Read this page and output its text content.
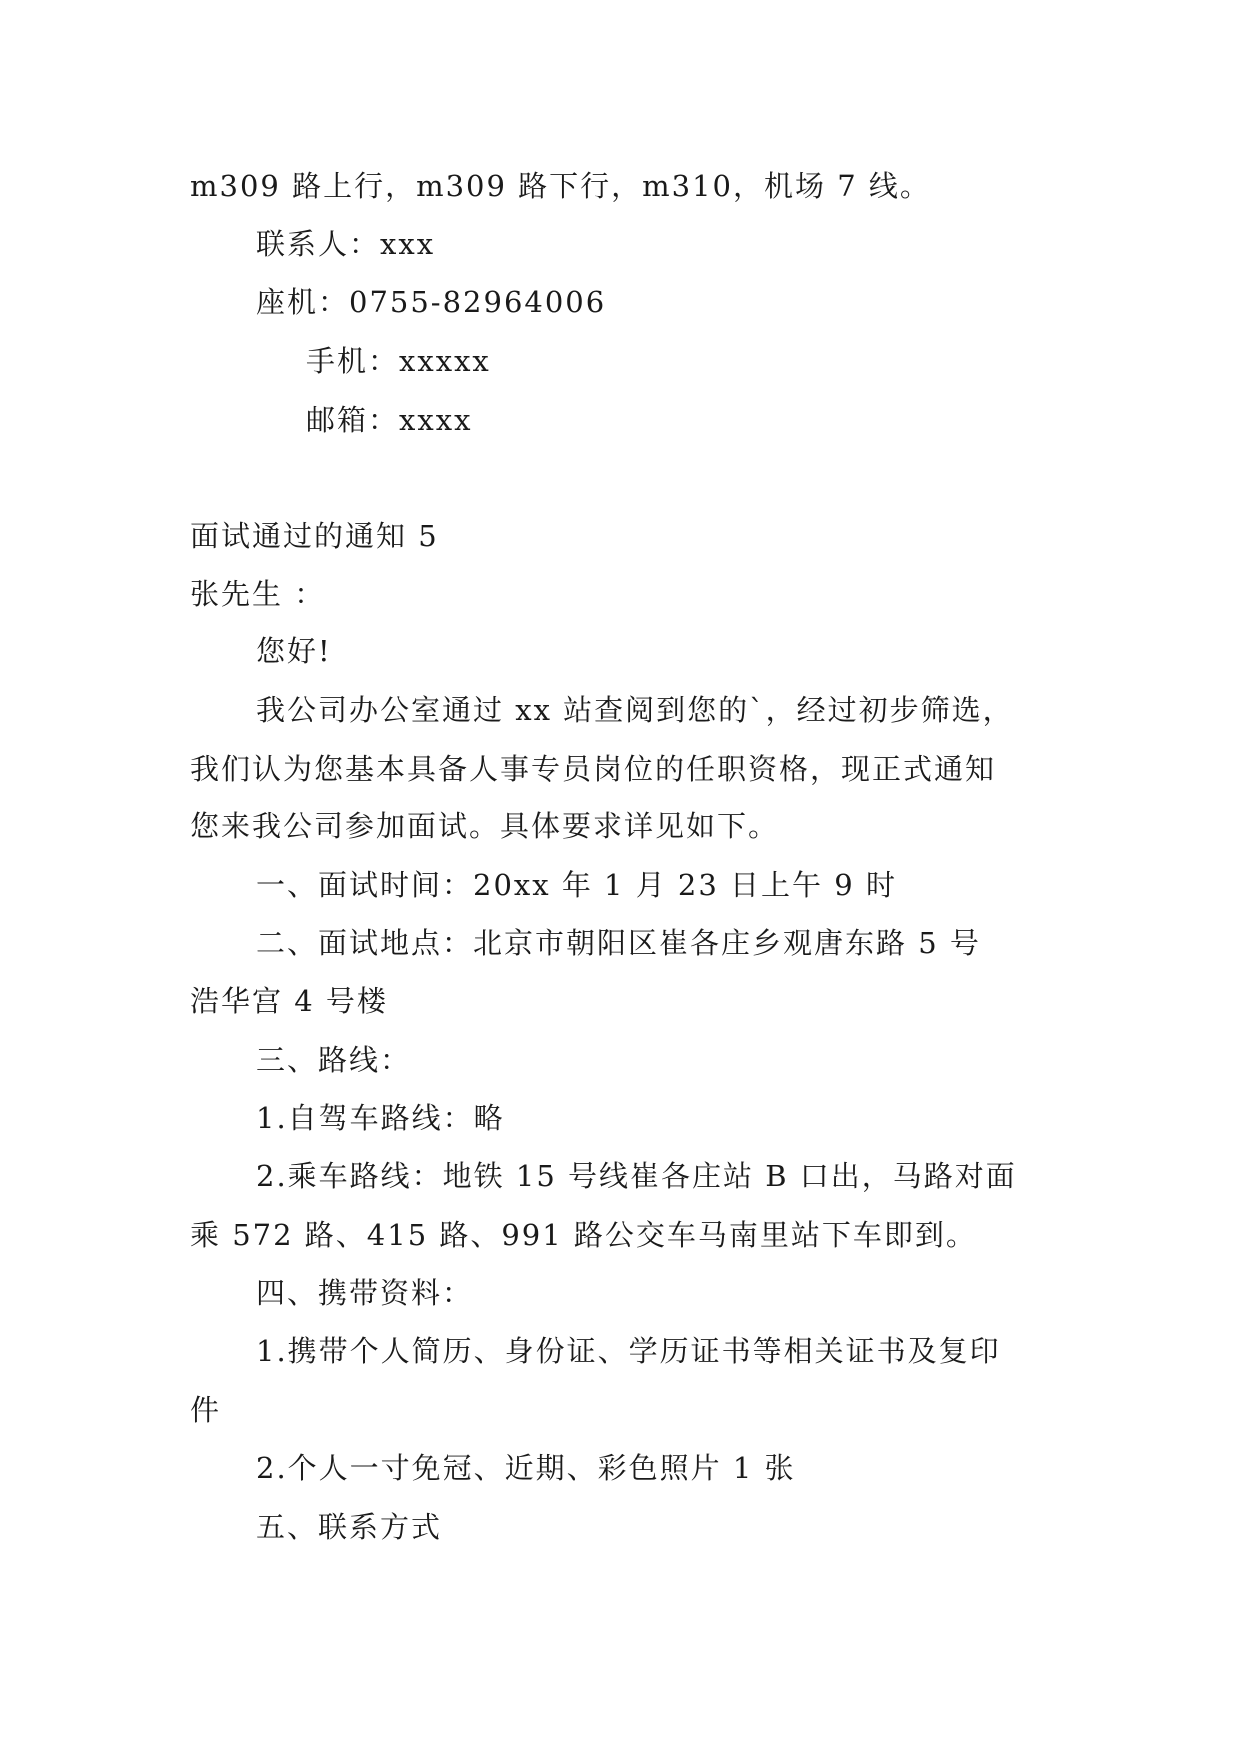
m309 路上行，m309 路下行，m310，机场 7 线。
联系人：xxx
座机：0755-82964006
手机：xxxxx
邮箱：xxxx
面试通过的通知 5
张先生 ：
您好!
我公司办公室通过 xx 站查阅到您的`，经过初步筛选，
我们认为您基本具备人事专员岗位的任职资格，现正式通知
您来我公司参加面试。具体要求详见如下。
一、面试时间：20xx 年 1 月 23 日上午 9 时
二、面试地点：北京市朝阳区崔各庄乡观唐东路 5 号
浩华宫 4 号楼
三、路线：
1.自驾车路线：略
2.乘车路线：地铁 15 号线崔各庄站 B 口出，马路对面
乘 572 路、415 路、991 路公交车马南里站下车即到。
四、携带资料：
1.携带个人简历、身份证、学历证书等相关证书及复印
件
2.个人一寸免冠、近期、彩色照片 1 张
五、联系方式
